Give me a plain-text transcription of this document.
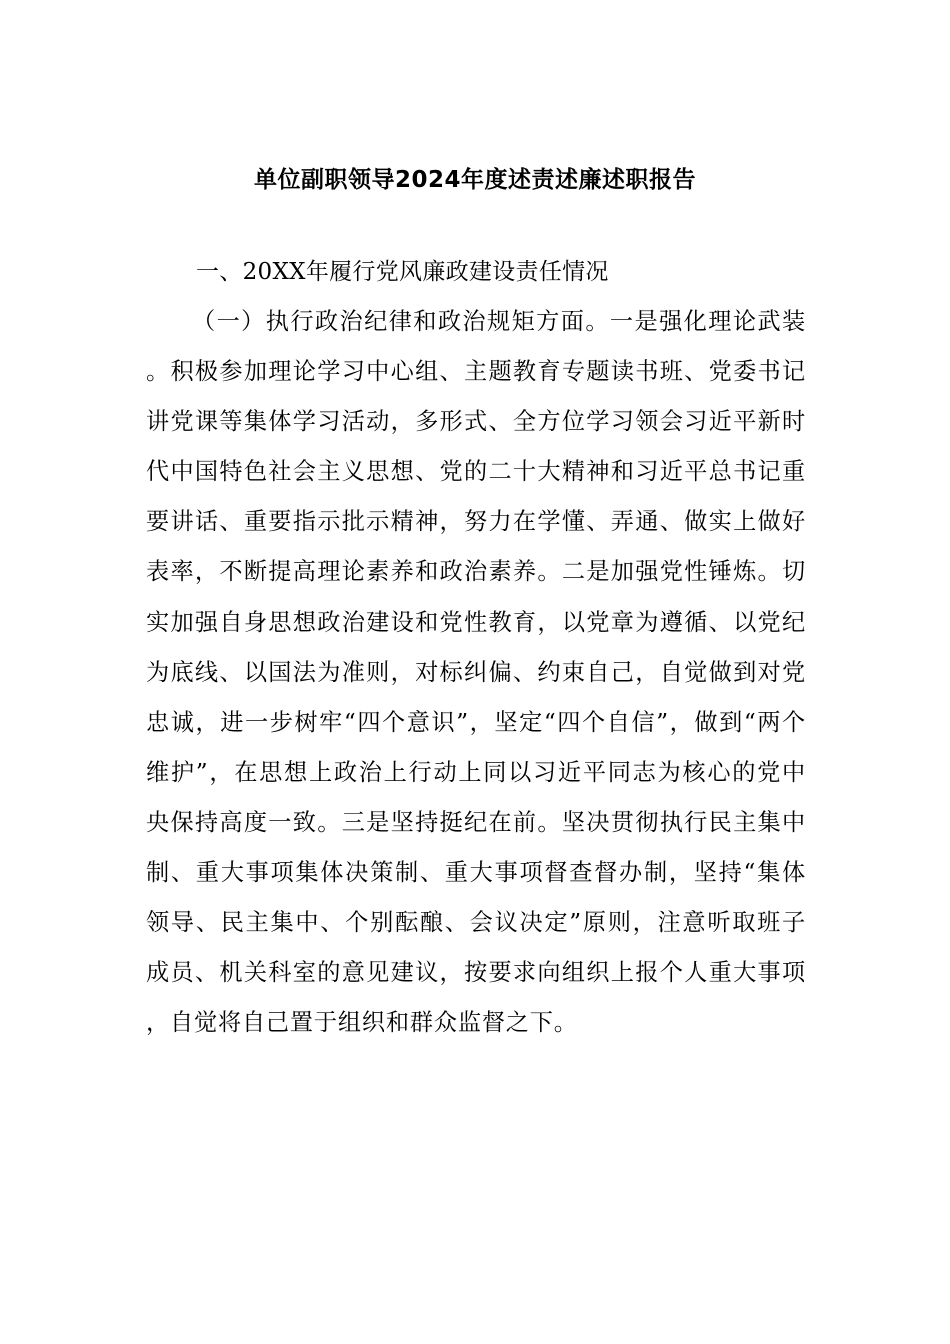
单位副职领导2024年度述责述廉述职报告

一、20XX年履行党风廉政建设责任情况

（一）执行政治纪律和政治规矩方面。一是强化理论武装。积极参加理论学习中心组、主题教育专题读书班、党委书记讲党课等集体学习活动，多形式、全方位学习领会习近平新时代中国特色社会主义思想、党的二十大精神和习近平总书记重要讲话、重要指示批示精神，努力在学懂、弄通、做实上做好表率，不断提高理论素养和政治素养。二是加强党性锤炼。切实加强自身思想政治建设和党性教育，以党章为遵循、以党纪为底线、以国法为准则，对标纠偏、约束自己，自觉做到对党忠诚，进一步树牢“四个意识”，坚定“四个自信”，做到“两个维护”，在思想上政治上行动上同以习近平同志为核心的党中央保持高度一致。三是坚持挺纪在前。坚决贯彻执行民主集中制、重大事项集体决策制、重大事项督查督办制，坚持“集体领导、民主集中、个别酝酿、会议决定”原则，注意听取班子成员、机关科室的意见建议，按要求向组织上报个人重大事项，自觉将自己置于组织和群众监督之下。
